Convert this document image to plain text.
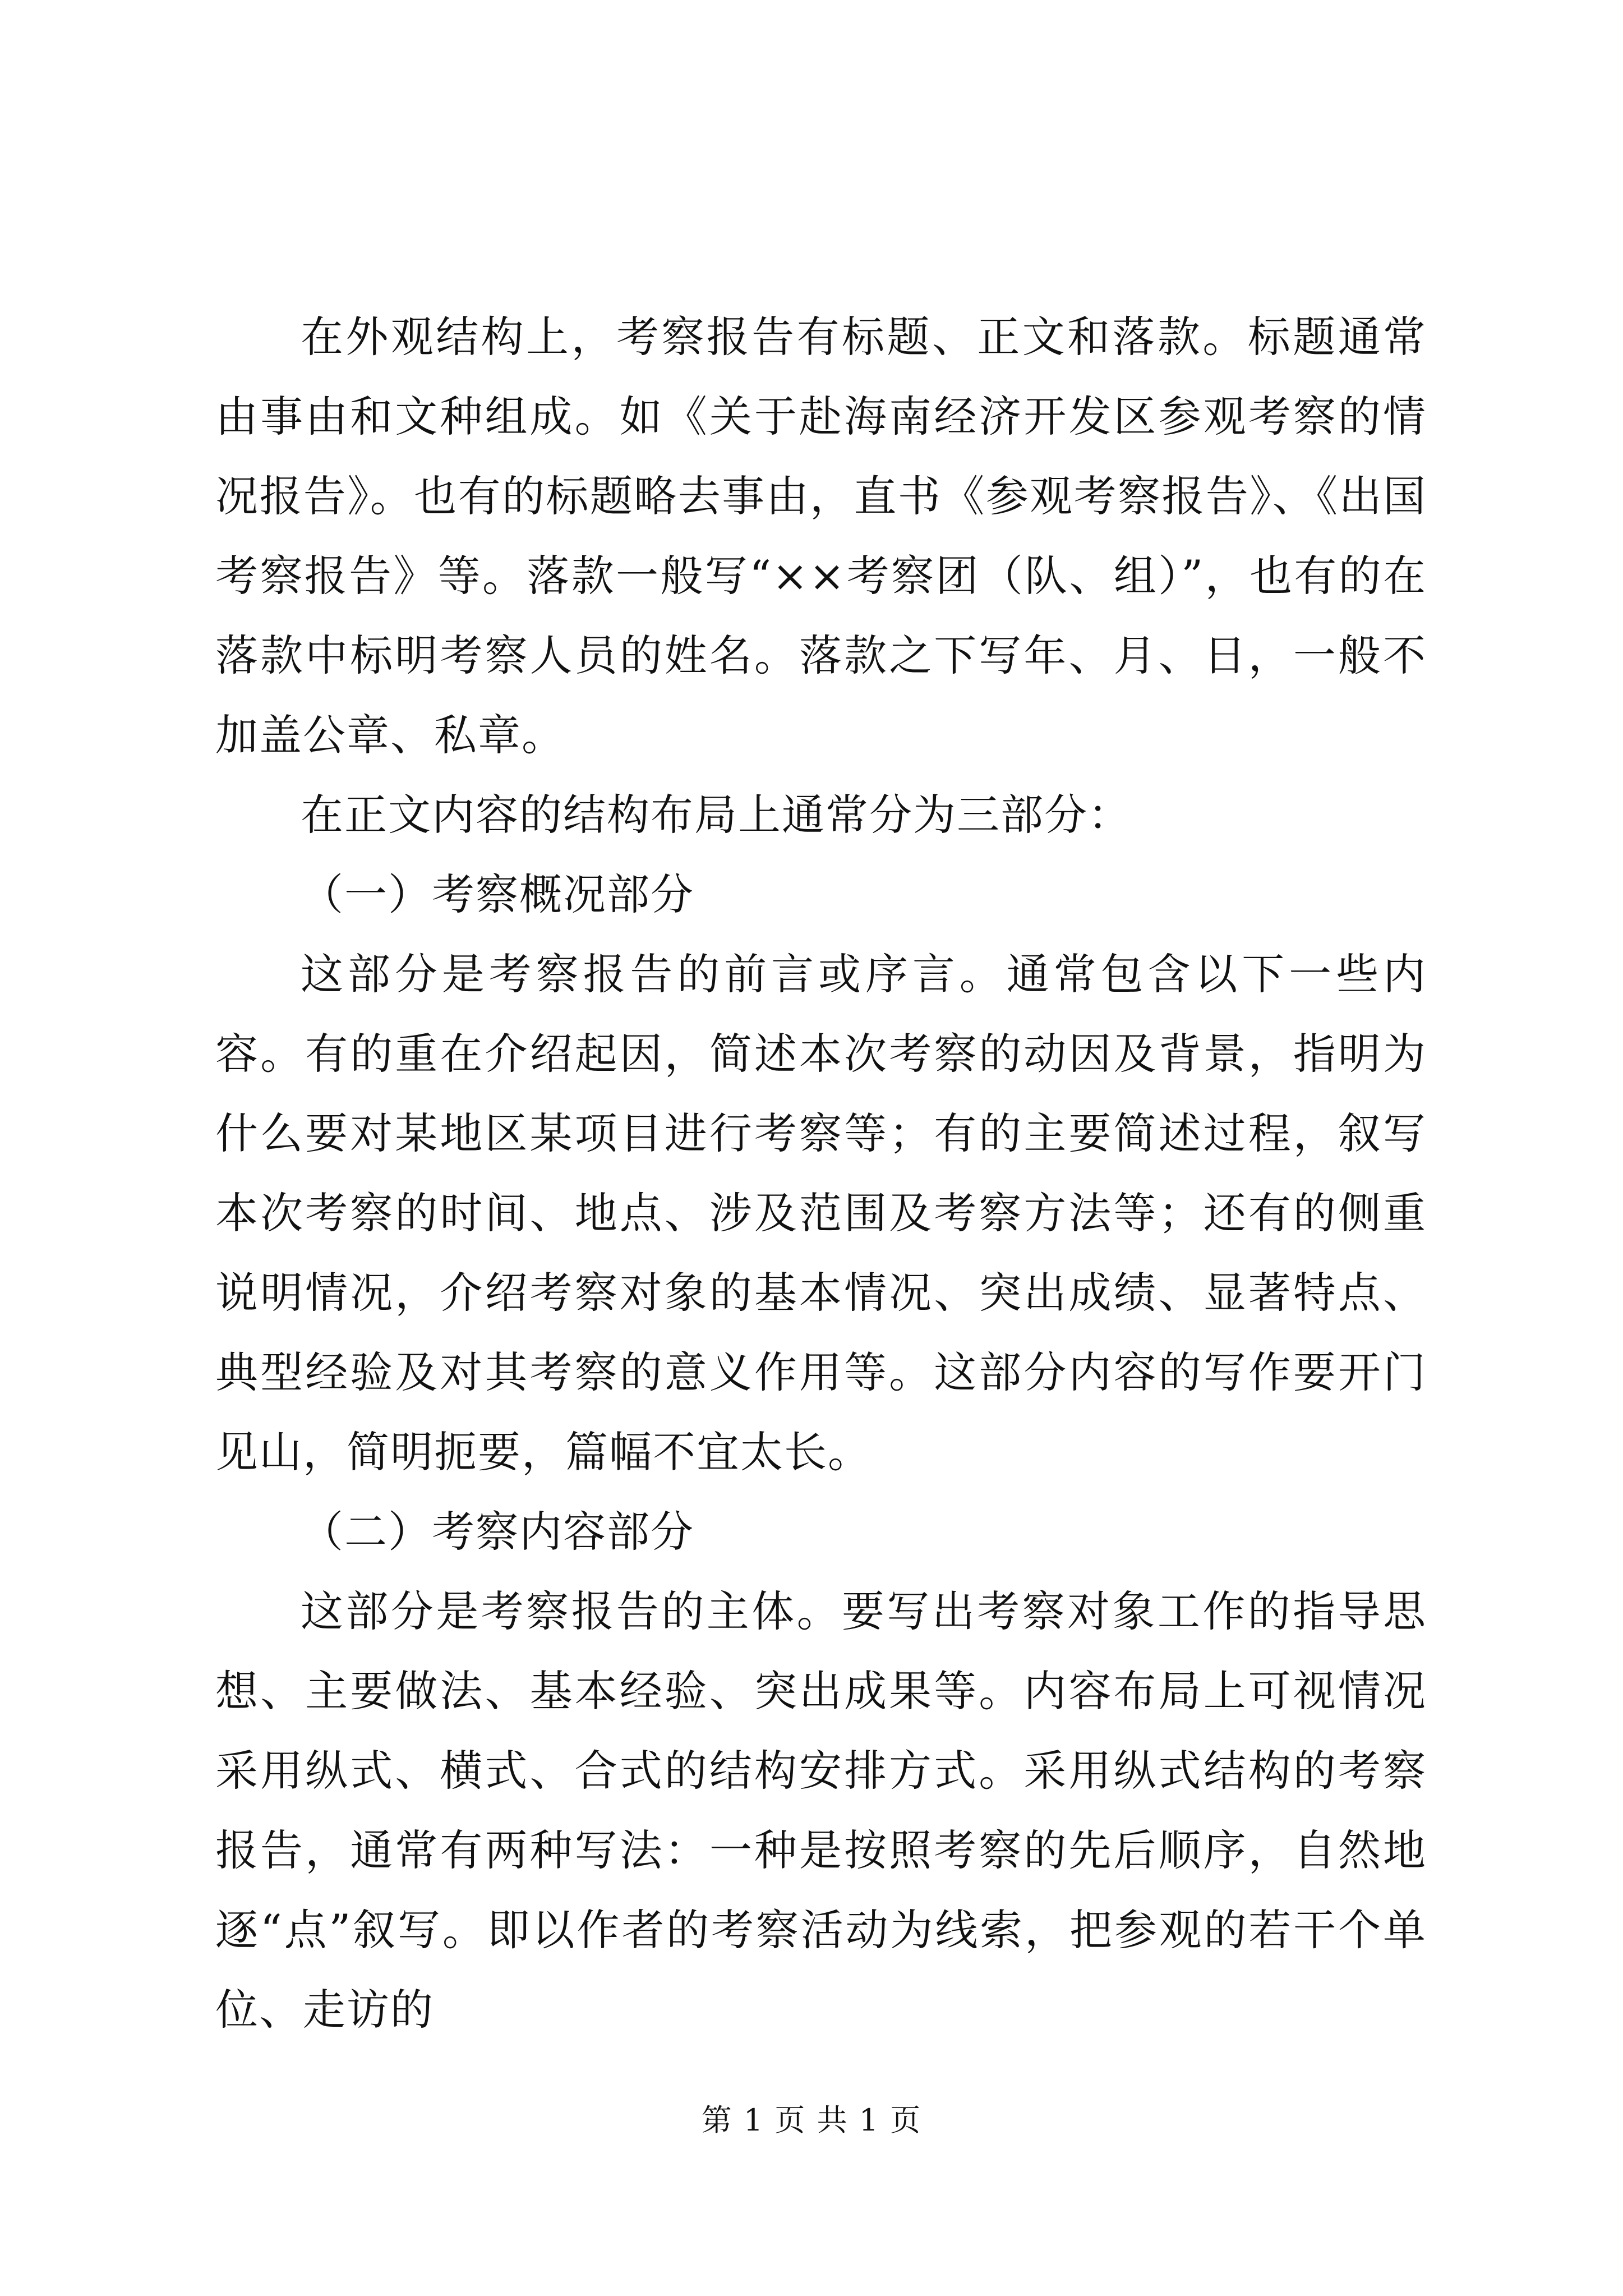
在外观结构上，考察报告有标题、正文和落款。标题通常由事由和文种组成。如《关于赴海南经济开发区参观考察的情况报告》。也有的标题略去事由，直书《参观考察报告》、《出国考察报告》等。落款一般写“××考察团（队、组）”，也有的在落款中标明考察人员的姓名。落款之下写年、月、日，一般不加盖公章、私章。

在正文内容的结构布局上通常分为三部分：

（一）考察概况部分

这部分是考察报告的前言或序言。通常包含以下一些内容。有的重在介绍起因，简述本次考察的动因及背景，指明为什么要对某地区某项目进行考察等；有的主要简述过程，叙写本次考察的时间、地点、涉及范围及考察方法等；还有的侧重说明情况，介绍考察对象的基本情况、突出成绩、显著特点、典型经验及对其考察的意义作用等。这部分内容的写作要开门见山，简明扼要，篇幅不宜太长。

（二）考察内容部分

这部分是考察报告的主体。要写出考察对象工作的指导思想、主要做法、基本经验、突出成果等。内容布局上可视情况采用纵式、横式、合式的结构安排方式。采用纵式结构的考察报告，通常有两种写法：一种是按照考察的先后顺序，自然地逐“点”叙写。即以作者的考察活动为线索，把参观的若干个单位、走访的

第 1 页 共 1 页
